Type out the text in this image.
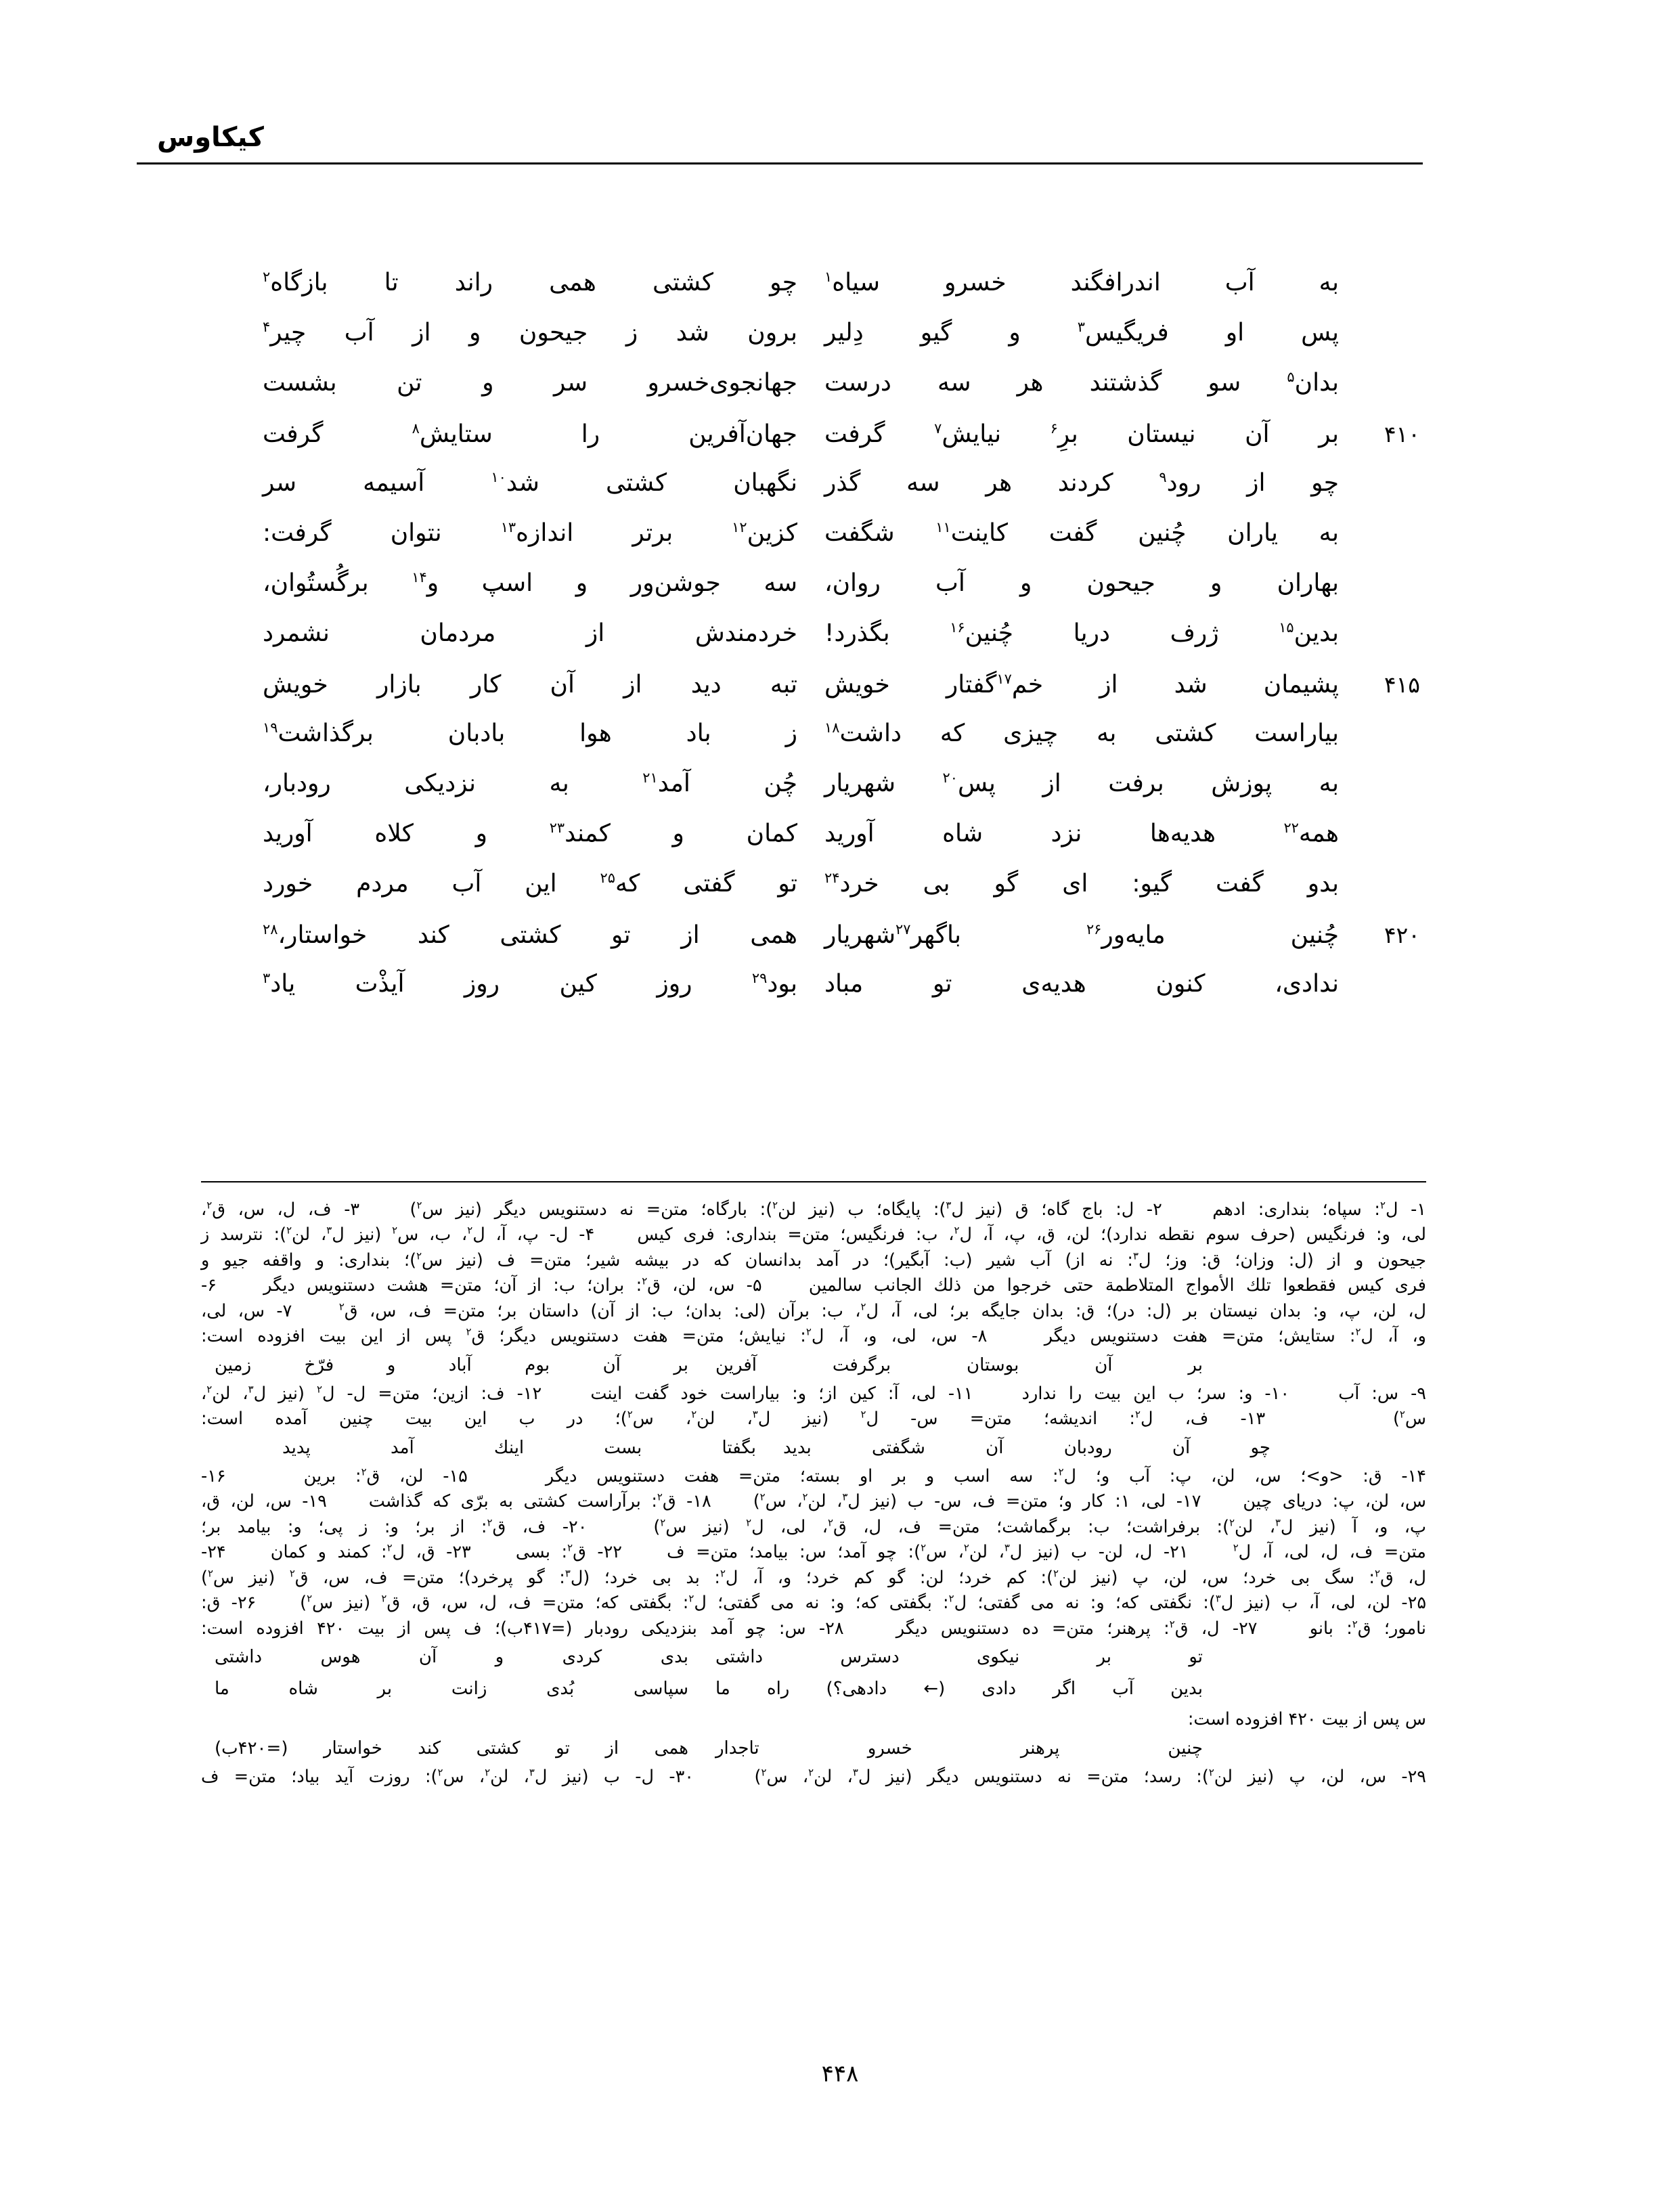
کیکاوس
به آب اندرافگند خسرو سیاه$^۱$
چو کشتی همی راند تا بازگاه$^۲$
پس او فریگیس$^۳$ و گیو دِلیر
برون شد ز جیحون و از آب چیر$^۴$
بدان$^۵$ سو گذشتند هر سه درست
جهانجوی‌خسرو سر و تن بشست
۴۱۰
بر آن نیستان برِ$^۶$ نیایش$^۷$ گرفت
جهان‌آفرین را ستایش$^۸$ گرفت
چو از رود$^۹$ کردند هر سه گذر
نگهبان کشتی شد$^{۱۰}$ آسیمه سر
به یاران چُنین گفت کاینت$^{۱۱}$ شگفت
کزین$^{۱۲}$ برتر اندازه$^{۱۳}$ نتوان گرفت:
بهاران و جیحون و آب روان،
سه جوشن‌ور و اسپ و$^{۱۴}$ برگُستُوان،
بدین$^{۱۵}$ ژرف دریا چُنین$^{۱۶}$ بگذرد!
خردمندش از مردمان نشمرد
۴۱۵
پشیمان شد از خم$^{۱۷}$گفتار خویش
تبه دید از آن کار بازار خویش
بیاراست کشتی به چیزی که داشت$^{۱۸}$
ز باد هوا بادبان برگذاشت$^{۱۹}$
به پوزش برفت از پس$^{۲۰}$ شهریار
چُن آمد$^{۲۱}$ به نزدیکی رودبار،
همه$^{۲۲}$ هدیه‌ها نزد شاه آورید
کمان و کمند$^{۲۳}$ و کلاه آورید
بدو گفت گیو: ای گو بی خرد$^{۲۴}$
تو گفتی که$^{۲۵}$ این آب مردم خورد
۴۲۰
چُنین مایه‌ور$^{۲۶}$ باگهر$^{۲۷}$شهریار
همی از تو کشتی کند خواستار،$^{۲۸}$
ندادی، کنون هدیه‌ی تو مباد
بود$^{۲۹}$ روز کین روز آیذْت یاد$^۳$
۱- ل$^۲$: سپاه؛ بنداری: ادهم    ۲- ل: باج گاه؛ ق (نیز ل$^۳$): پایگاه؛ ب (نیز لن$^۲$): بارگاه؛ متن= نه دستنویس دیگر (نیز س$^۲$)    ۳- ف، ل، س، ق$^۲$،
لی، و: فرنگیس (حرف سوم نقطه ندارد)؛ لن، ق، پ، آ، ل$^۲$، ب: فرنگیس؛ متن= بنداری: فری کیس    ۴- ل- پ، آ، ل$^۲$، ب، س$^۲$ (نیز ل$^۳$، لن$^۲$): نترسد ز
جیحون و از (ل: وزان؛ ق: وز؛ ل$^۳$: نه از) آب شیر (ب: آبگیر)؛ در آمد بدانسان که در بیشه شیر؛ متن= ف (نیز س$^۲$)؛ بنداری: و واقفه جیو و
فری کیس فقطعوا تلك الأمواج المتلاطمة حتی خرجوا من ذلك الجانب سالمین    ۵- س، لن، ق$^۲$: بران؛ ب: از آن؛ متن= هشت دستنویس دیگر    ۶-
ل، لن، پ، و: بدان نیستان بر (ل: در)؛ ق: بدان جایگه بر؛ لی، آ، ل$^۲$، ب: برآن (لی: بدان؛ ب: از آن) داستان بر؛ متن= ف، س، ق$^۲$    ۷- س، لی،
و، آ، ل$^۲$: ستایش؛ متن= هفت دستنویس دیگر    ۸- س، لی، و، آ، ل$^۲$: نیایش؛ متن= هفت دستنویس دیگر؛ ق$^۲$ پس از این بیت افزوده است:
بر آن بوستان برگرفت آفرین
بر آن بوم آباد و فرّخ زمین
۹- س: آب    ۱۰- و: سر؛ ب این بیت را ندارد    ۱۱- لی، آ: کین از؛ و: بیاراست خود گفت اینت    ۱۲- ف: ازین؛ متن= ل- ل$^۲$ (نیز ل$^۳$، لن$^۲$،
س$^۲$)    ۱۳- ف، ل$^۲$: اندیشه؛ متن= س- ل$^۲$ (نیز ل$^۳$، لن$^۲$، س$^۲$)؛ در ب این بیت چنین آمده است:
چو آن رودبان آن شگفتی بدید
بگفتا بست اینك آمد پدید
۱۴- ق: <و>؛ س، لن، پ: آب و؛ ل$^۲$: سه اسب و بر او بسته؛ متن= هفت دستنویس دیگر    ۱۵- لن، ق$^۲$: برین    ۱۶-
س، لن، پ: دریای چین    ۱۷- لی، ۱: کار و؛ متن= ف، س- ب (نیز ل$^۳$، لن$^۲$، س$^۲$)    ۱۸- ق$^۲$: برآراست کشتی به برّی که گذاشت    ۱۹- س، لن، ق،
پ، و، آ (نیز ل$^۳$، لن$^۲$): برفراشت؛ ب: برگماشت؛ متن= ف، ل، ق$^۲$، لی، ل$^۲$ (نیز س$^۲$)    ۲۰- ف، ق$^۲$: از بر؛ و: ز پی؛ و: بیامد بر؛
متن= ف، ل، لی، آ، ل$^۲$    ۲۱- ل، لن- ب (نیز ل$^۳$، لن$^۲$، س$^۲$): چو آمد؛ س: بیامد؛ متن= ف    ۲۲- ق$^۲$: بسی    ۲۳- ق، ل$^۲$: کمند و کمان    ۲۴-
ل، ق$^۲$: سگ بی خرد؛ س، لن، پ (نیز لن$^۲$): کم خرد؛ لن: گو کم خرد؛ و، آ، ل$^۲$: بد بی خرد؛ (ل$^۳$: گو پرخرد)؛ متن= ف، س، ق$^۲$ (نیز س$^۲$)
۲۵- لن، لی، آ، ب (نیز ل$^۳$): نگفتی که؛ و: نه می گفتی؛ ل$^۲$: بگفتی که؛ و: نه می گفتی؛ ل$^۲$: بگفتی که؛ متن= ف، ل، س، ق، ق$^۲$ (نیز س$^۲$)    ۲۶- ق:
نامور؛ ق$^۲$: بانو    ۲۷- ل، ق$^۲$: پرهنر؛ متن= ده دستنویس دیگر    ۲۸- س: چو آمد بنزدیکی رودبار (=۴۱۷ب)؛ ف پس از بیت ۴۲۰ افزوده است:
تو بر نیکوی دسترس داشتی
بدی کردی و آن هوس داشتی
بدین آب اگر دادی (← دادهی؟) راه ما
سپاسی بُدی زانت بر شاه ما
س پس از بیت ۴۲۰ افزوده است:
چنین پرهنر خسرو تاجدار
همی از تو کشتی کند خواستار (=۴۲۰ب)
۲۹- س، لن، پ (نیز لن$^۲$): رسد؛ متن= نه دستنویس دیگر (نیز ل$^۳$، لن$^۲$، س$^۲$)    ۳۰- ل- ب (نیز ل$^۳$، لن$^۲$، س$^۲$): روزت آید بیاد؛ متن= ف
۴۴۸
